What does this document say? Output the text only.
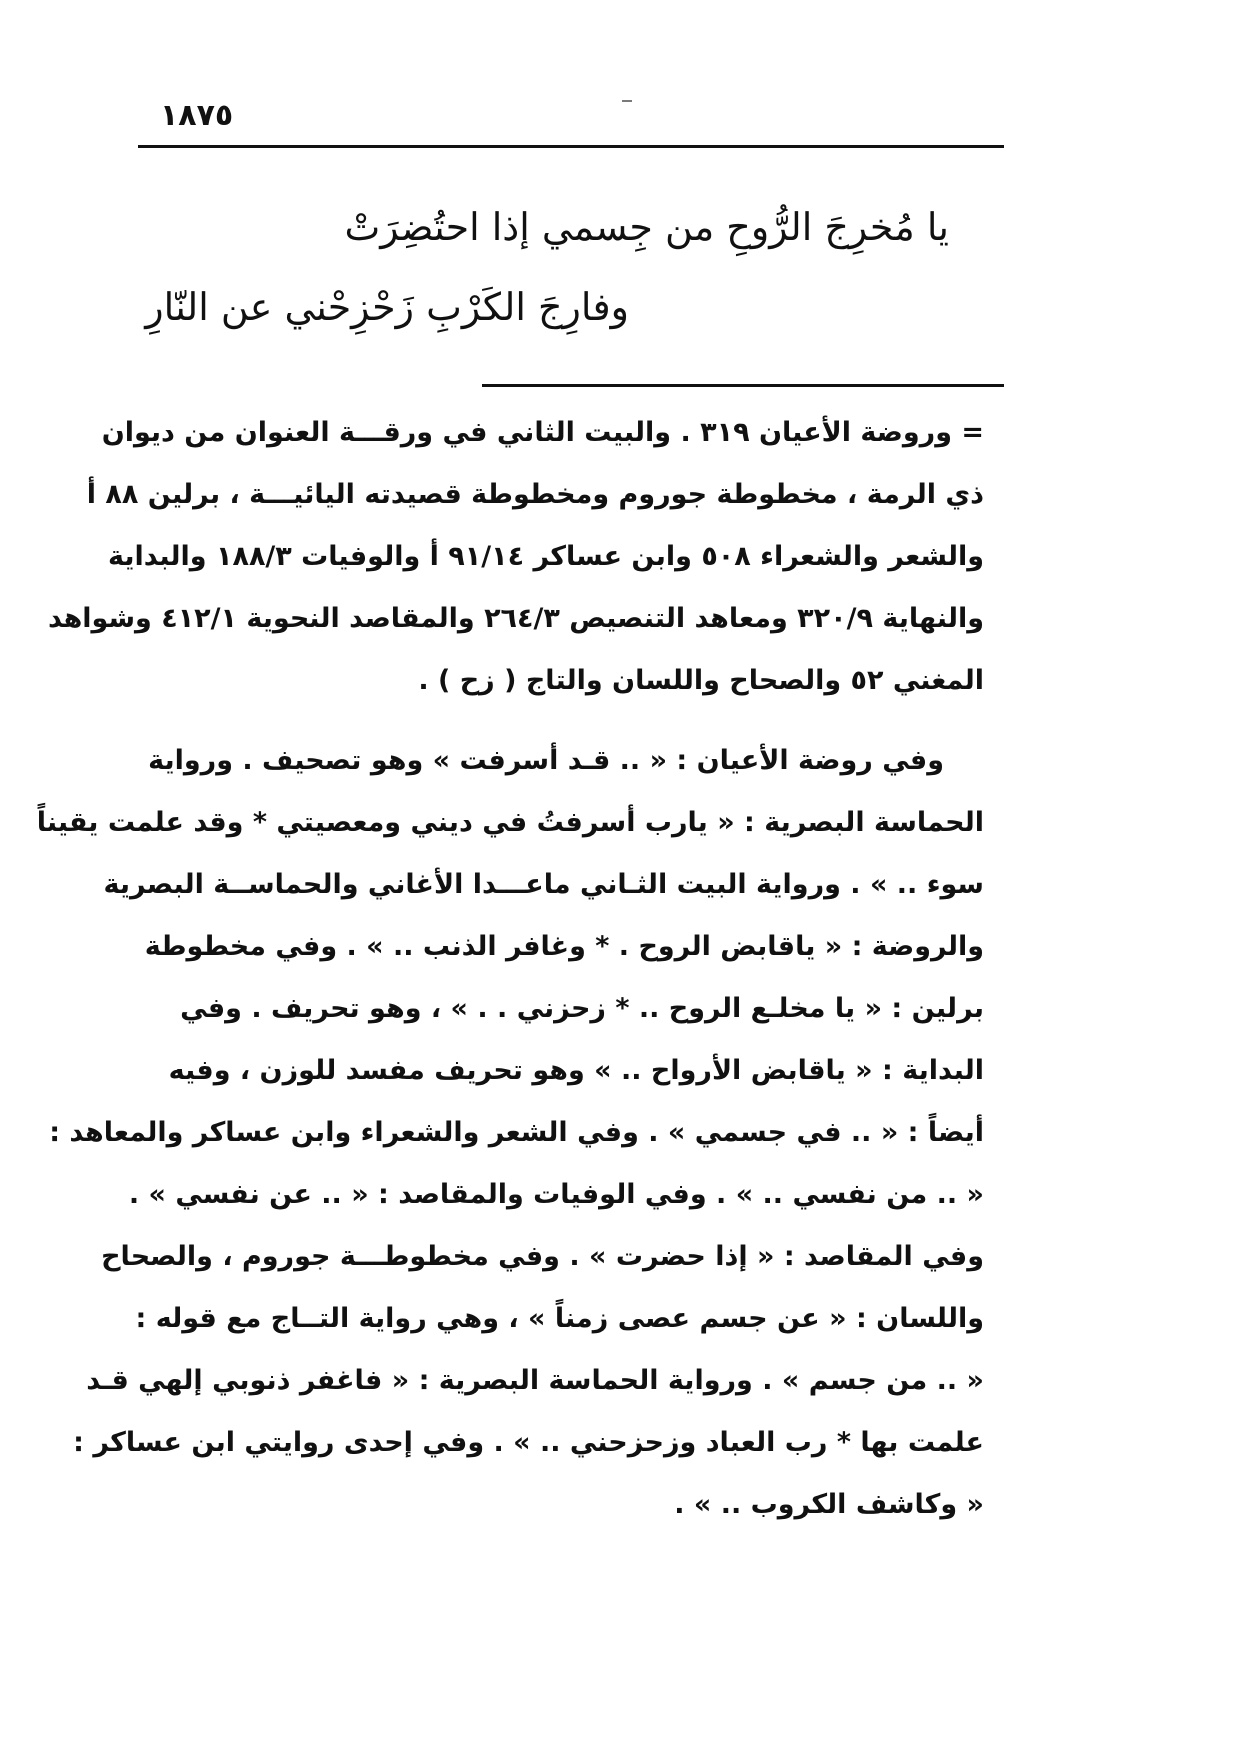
١٨٧٥
يا مُخرِجَ الرُّوحِ من جِسمي إذا احتُضِرَتْ
وفارِجَ الكَرْبِ زَحْزِحْني عن النّارِ
= وروضة الأعيان ٣١٩ . والبيت الثاني في ورقـــة العنوان من ديوان
ذي الرمة ، مخطوطة جوروم ومخطوطة قصيدته اليائيـــة ، برلين ٨٨ أ
والشعر والشعراء ٥٠٨ وابن عساكر ٩١/١٤ أ والوفيات ١٨٨/٣ والبداية
والنهاية ٣٢٠/٩ ومعاهد التنصيص ٢٦٤/٣ والمقاصد النحوية ٤١٢/١ وشواهد
المغني ٥٢ والصحاح واللسان والتاج ( زح ) .
وفي روضة الأعيان : « .. قـد أسرفت » وهو تصحيف . ورواية
الحماسة البصرية : « يارب أسرفتُ في ديني ومعصيتي * وقد علمت يقيناً
سوء .. » . ورواية البيت الثـاني ماعـــدا الأغاني والحماســة البصرية
والروضة : « ياقابض الروح . * وغافر الذنب .. » . وفي مخطوطة
برلين : « يا مخلـع الروح .. * زحزني . . » ، وهو تحريف . وفي
البداية : « ياقابض الأرواح .. » وهو تحريف مفسد للوزن ، وفيه
أيضاً : « .. في جسمي » . وفي الشعر والشعراء وابن عساكر والمعاهد :
« .. من نفسي .. » . وفي الوفيات والمقاصد : « .. عن نفسي » .
وفي المقاصد : « إذا حضرت » . وفي مخطوطـــة جوروم ، والصحاح
واللسان : « عن جسم عصى زمناً » ، وهي رواية التــاج مع قوله :
« .. من جسم » . ورواية الحماسة البصرية : « فاغفر ذنوبي إلهي قـد
علمت بها * رب العباد وزحزحني .. » . وفي إحدى روايتي ابن عساكر :
« وكاشف الكروب .. » .
